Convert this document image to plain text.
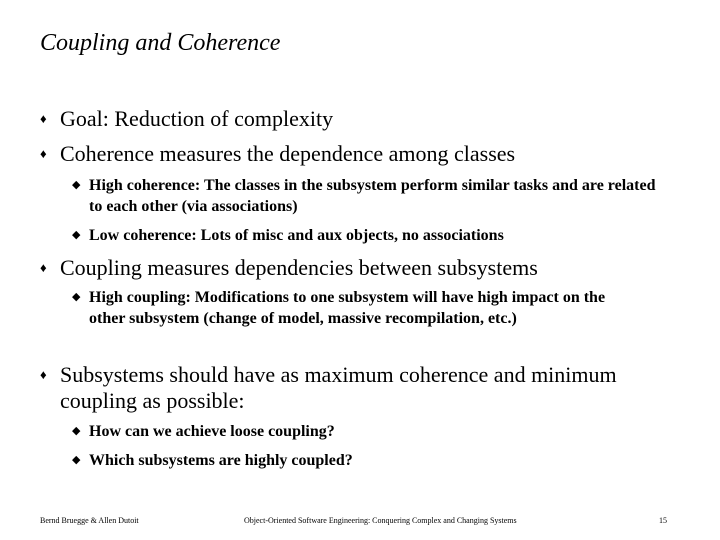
Coupling and Coherence
♦ Goal: Reduction of complexity
♦ Coherence measures the dependence among classes
◆ High coherence: The classes in the subsystem perform similar tasks and are related to each other (via associations)
◆ Low coherence: Lots of misc and aux objects, no associations
♦ Coupling measures dependencies between subsystems
◆ High coupling: Modifications to one subsystem will have high impact on the other subsystem (change of model, massive recompilation, etc.)
♦ Subsystems should have as maximum coherence and minimum coupling as possible:
◆ How can we achieve loose coupling?
◆ Which subsystems are highly coupled?
Bernd Bruegge & Allen Dutoit	Object-Oriented Software Engineering: Conquering Complex and Changing Systems	15
